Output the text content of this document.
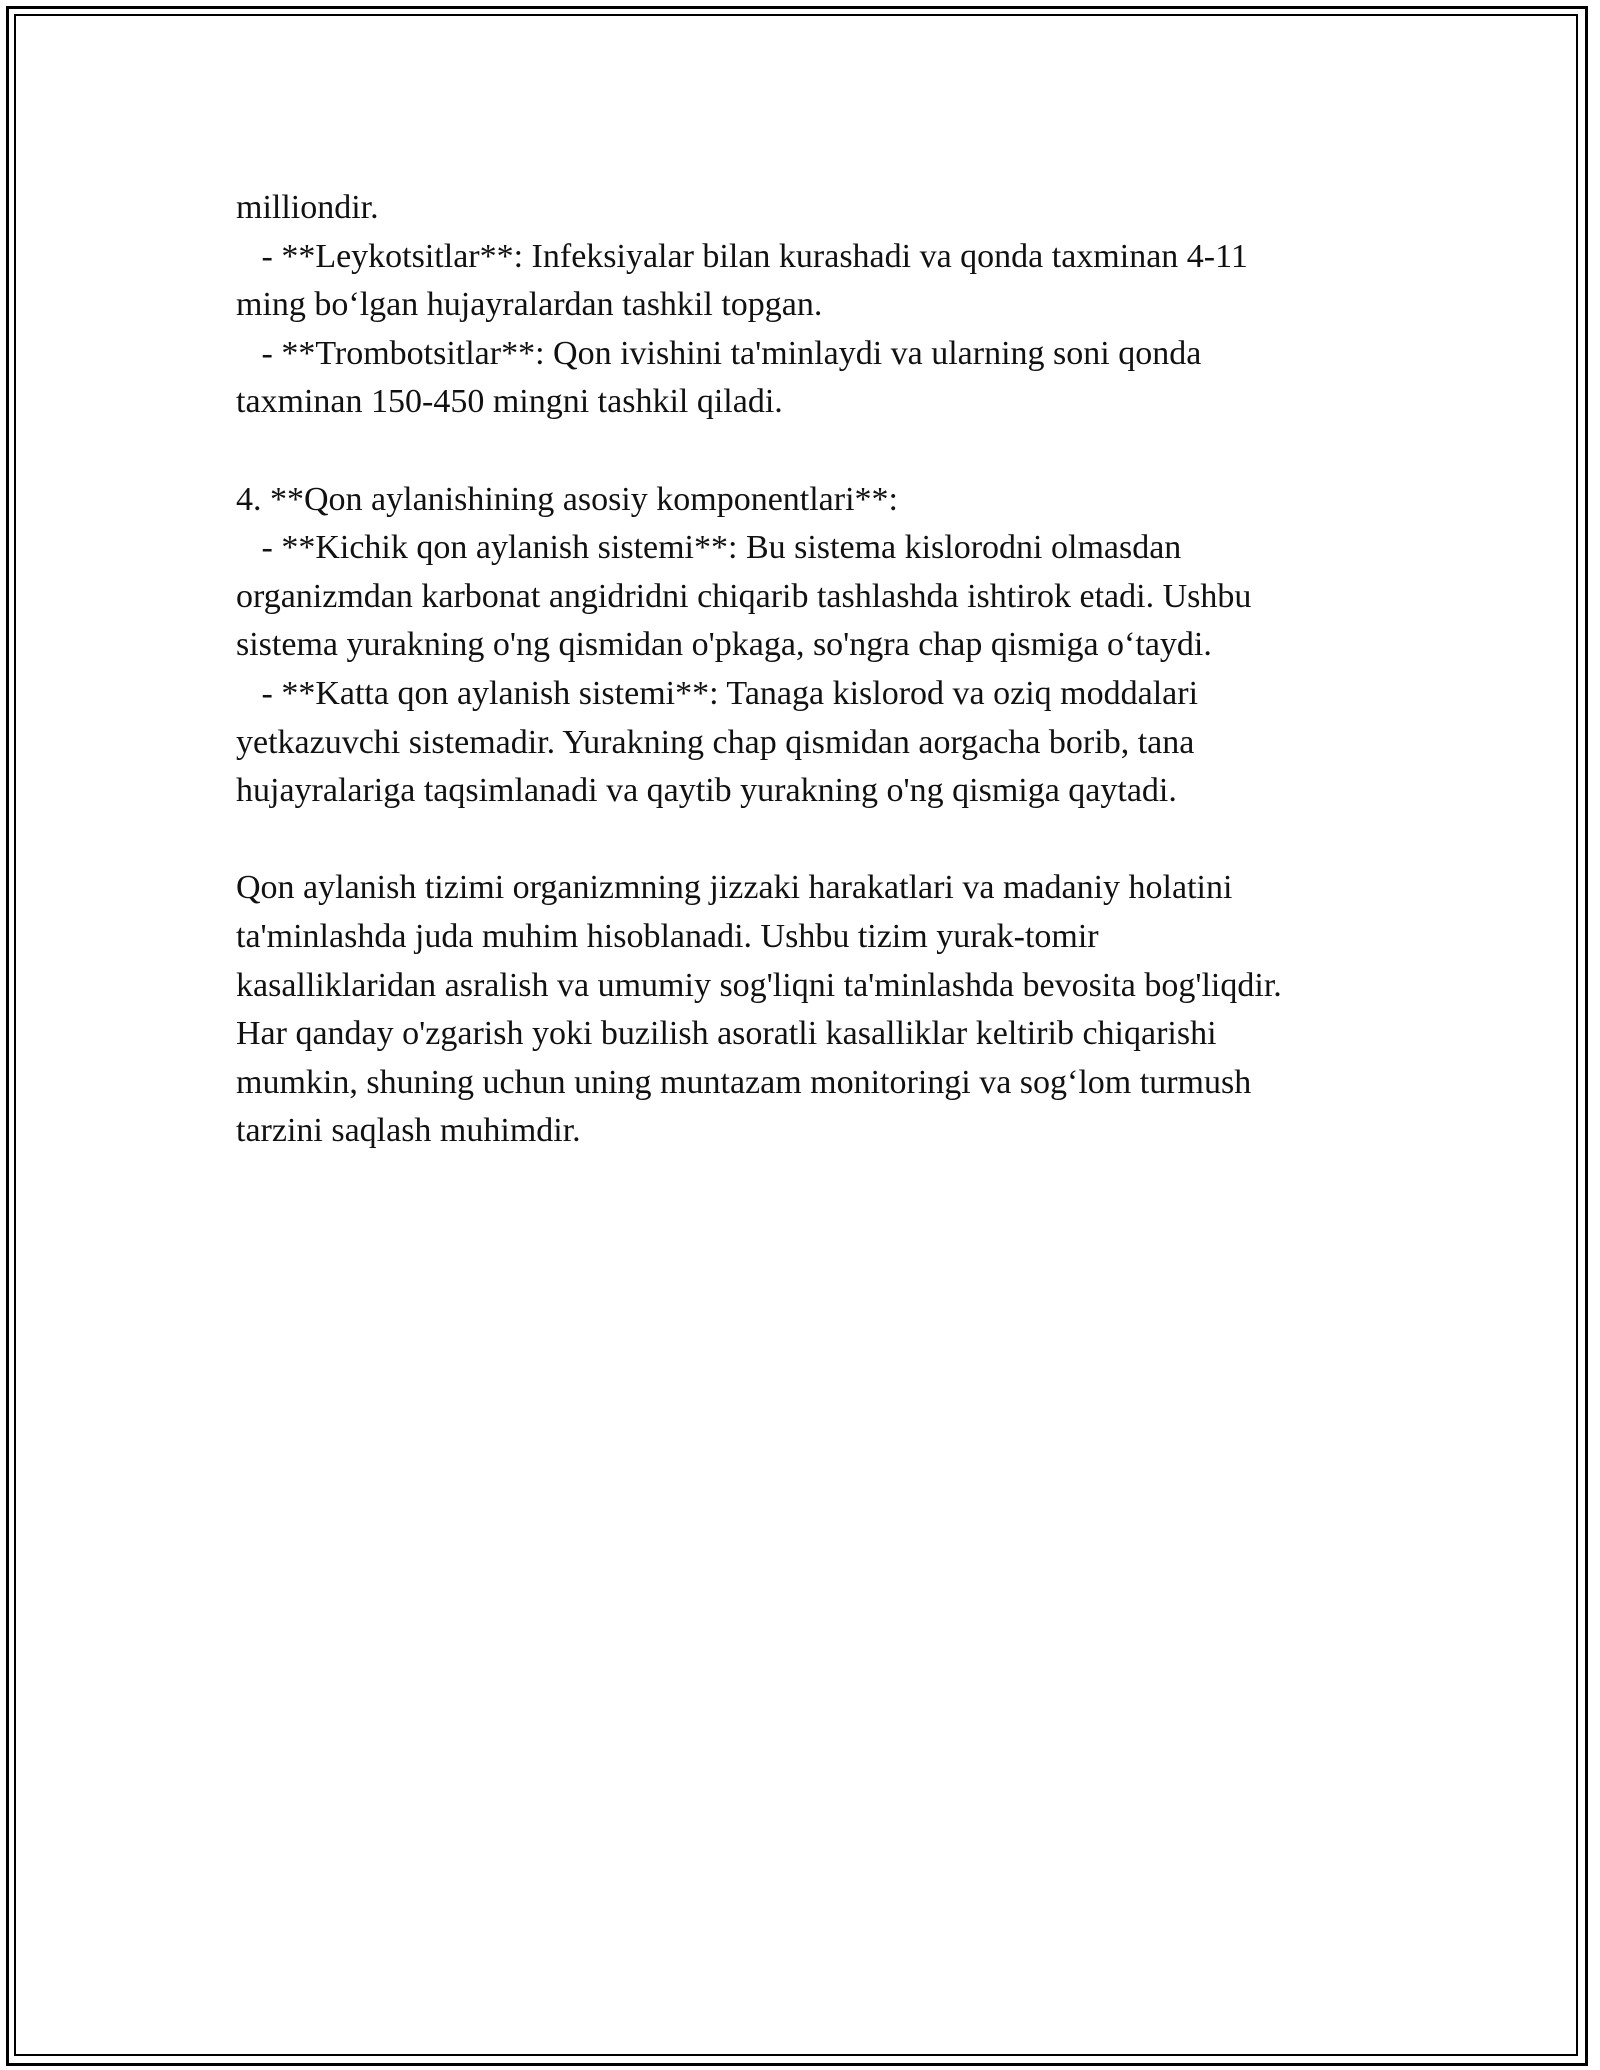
milliondir.

- **Leykotsitlar**: Infeksiyalar bilan kurashadi va qonda taxminan 4-11

ming bo‘lgan hujayralardan tashkil topgan.

- **Trombotsitlar**: Qon ivishini ta'minlaydi va ularning soni qonda

taxminan 150-450 mingni tashkil qiladi.

4. **Qon aylanishining asosiy komponentlari**:

- **Kichik qon aylanish sistemi**: Bu sistema kislorodni olmasdan

organizmdan karbonat angidridni chiqarib tashlashda ishtirok etadi. Ushbu

sistema yurakning o'ng qismidan o'pkaga, so'ngra chap qismiga o‘taydi.

- **Katta qon aylanish sistemi**: Tanaga kislorod va oziq moddalari

yetkazuvchi sistemadir. Yurakning chap qismidan aorgacha borib, tana

hujayralariga taqsimlanadi va qaytib yurakning o'ng qismiga qaytadi.

Qon aylanish tizimi organizmning jizzaki harakatlari va madaniy holatini

ta'minlashda juda muhim hisoblanadi. Ushbu tizim yurak-tomir

kasalliklaridan asralish va umumiy sog'liqni ta'minlashda bevosita bog'liqdir.

Har qanday o'zgarish yoki buzilish asoratli kasalliklar keltirib chiqarishi

mumkin, shuning uchun uning muntazam monitoringi va sog‘lom turmush

tarzini saqlash muhimdir.
